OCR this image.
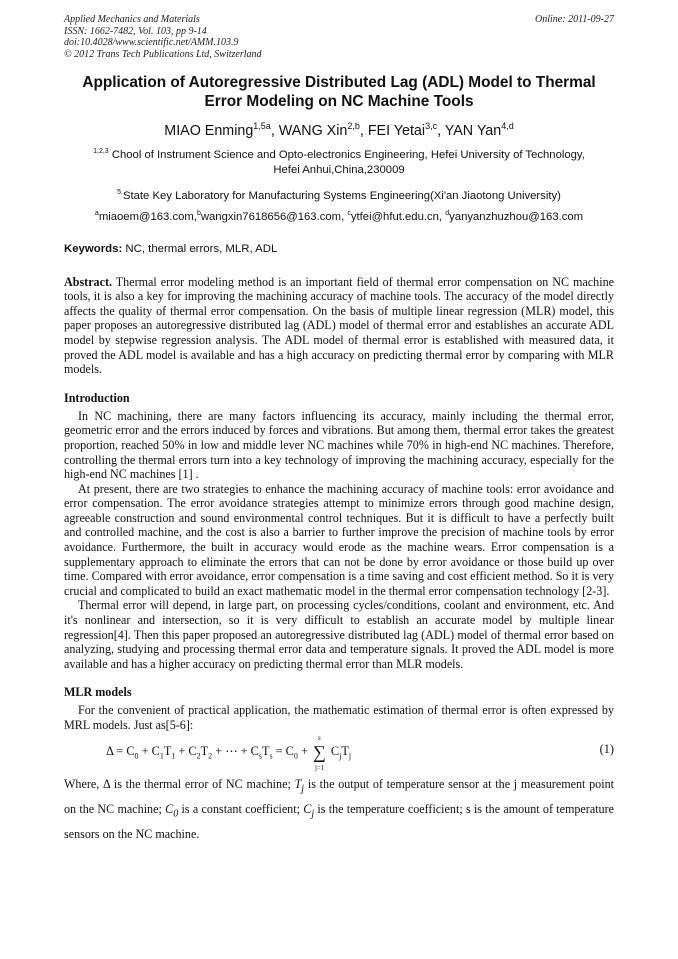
Applied Mechanics and Materials
ISSN: 1662-7482, Vol. 103, pp 9-14
doi:10.4028/www.scientific.net/AMM.103.9
© 2012 Trans Tech Publications Ltd, Switzerland
Online: 2011-09-27
Application of Autoregressive Distributed Lag (ADL) Model to Thermal
Error Modeling on NC Machine Tools
MIAO Enming$^{1,5a}$, WANG Xin$^{2,b}$, FEI Yetai$^{3,c}$, YAN Yan$^{4,d}$
$^{1,2,3}$ Chool of Instrument Science and Opto-electronics Engineering, Hefei University of Technology,
Hefei Anhui,China,230009
$^{5.}$State Key Laboratory for Manufacturing Systems Engineering(Xi'an Jiaotong University)
$^a$miaoem@163.com,$^b$wangxin7618656@163.com, $^c$ytfei@hfut.edu.cn, $^d$yanyanzhuzhou@163.com
Keywords: NC, thermal errors, MLR, ADL

Abstract. Thermal error modeling method is an important field of thermal error compensation on NC machine tools, it is also a key for improving the machining accuracy of machine tools. The accuracy of the model directly affects the quality of thermal error compensation. On the basis of multiple linear regression (MLR) model, this paper proposes an autoregressive distributed lag (ADL) model of thermal error and establishes an accurate ADL model by stepwise regression analysis. The ADL model of thermal error is established with measured data, it proved the ADL model is available and has a high accuracy on predicting thermal error by comparing with MLR models.

Introduction

In NC machining, there are many factors influencing its accuracy, mainly including the thermal error, geometric error and the errors induced by forces and vibrations. But among them, thermal error takes the greatest proportion, reached 50% in low and middle lever NC machines while 70% in high-end NC machines. Therefore, controlling the thermal errors turn into a key technology of improving the machining accuracy, especially for the high-end NC machines [1] .

At present, there are two strategies to enhance the machining accuracy of machine tools: error avoidance and error compensation. The error avoidance strategies attempt to minimize errors through good machine design, agreeable construction and sound environmental control techniques. But it is difficult to have a perfectly built and controlled machine, and the cost is also a barrier to further improve the precision of machine tools by error avoidance. Furthermore, the built in accuracy would erode as the machine wears. Error compensation is a supplementary approach to eliminate the errors that can not be done by error avoidance or those build up over time. Compared with error avoidance, error compensation is a time saving and cost efficient method. So it is very crucial and complicated to build an exact mathematic model in the thermal error compensation technology [2-3].

Thermal error will depend, in large part, on processing cycles/conditions, coolant and environment, etc. And it's nonlinear and intersection, so it is very difficult to establish an accurate model by multiple linear regression[4]. Then this paper proposed an autoregressive distributed lag (ADL) model of thermal error based on analyzing, studying and processing thermal error data and temperature signals. It proved the ADL model is more available and has a higher accuracy on predicting thermal error than MLR models.

MLR models

For the convenient of practical application, the mathematic estimation of thermal error is often expressed by MRL models. Just as[5-6]:

$\Delta = C_0 + C_1T_1 + C_2T_2$ + ⋯ + $C_sT_s = C_0$ + ∑
s
j=1
$C_jT_j$	(1)

Where, Δ is the thermal error of NC machine; $T_j$ is the output of temperature sensor at the j measurement point on the NC machine; $C_0$ is a constant coefficient; $C_j$ is the temperature coefficient; s is the amount of temperature sensors on the NC machine.
